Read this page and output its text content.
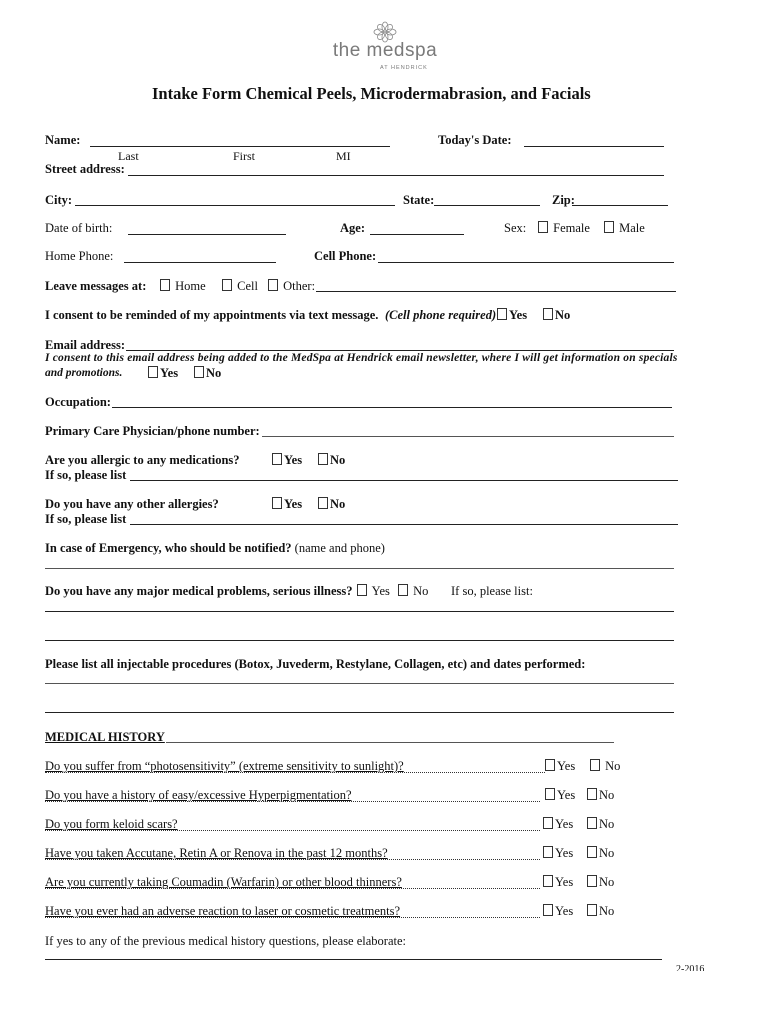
the medspa
AT HENDRICK
Intake Form Chemical Peels, Microdermabrasion, and Facials
Name:	Today's Date:
Last	First	MI
Street address:
City:	State:	Zip:
Date of birth:	Age:	Sex:	Female	Male
Home Phone:	Cell Phone:
Leave messages at:	Home	Cell	Other:
I consent to be reminded of my appointments via text message. (Cell phone required)	Yes	No
Email address:
I consent to this email address being added to the MedSpa at Hendrick email newsletter, where I will get information on specials
and promotions.	Yes	No
Occupation:
Primary Care Physician/phone number:
Are you allergic to any medications?	Yes	No
If so, please list
Do you have any other allergies?	Yes	No
If so, please list
In case of Emergency, who should be notified? (name and phone)
Do you have any major medical problems, serious illness?	Yes	No If so, please list:
Please list all injectable procedures (Botox, Juvederm, Restylane, Collagen, etc) and dates performed:
MEDICAL HISTORY
Do you suffer from “photosensitivity” (extreme sensitivity to sunlight)?	Yes	No
Do you have a history of easy/excessive Hyperpigmentation?	Yes	No
Do you form keloid scars?	Yes	No
Have you taken Accutane, Retin A or Renova in the past 12 months?	Yes	No
Are you currently taking Coumadin (Warfarin) or other blood thinners?	Yes	No
Have you ever had an adverse reaction to laser or cosmetic treatments?	Yes	No
If yes to any of the previous medical history questions, please elaborate:
2-2016
